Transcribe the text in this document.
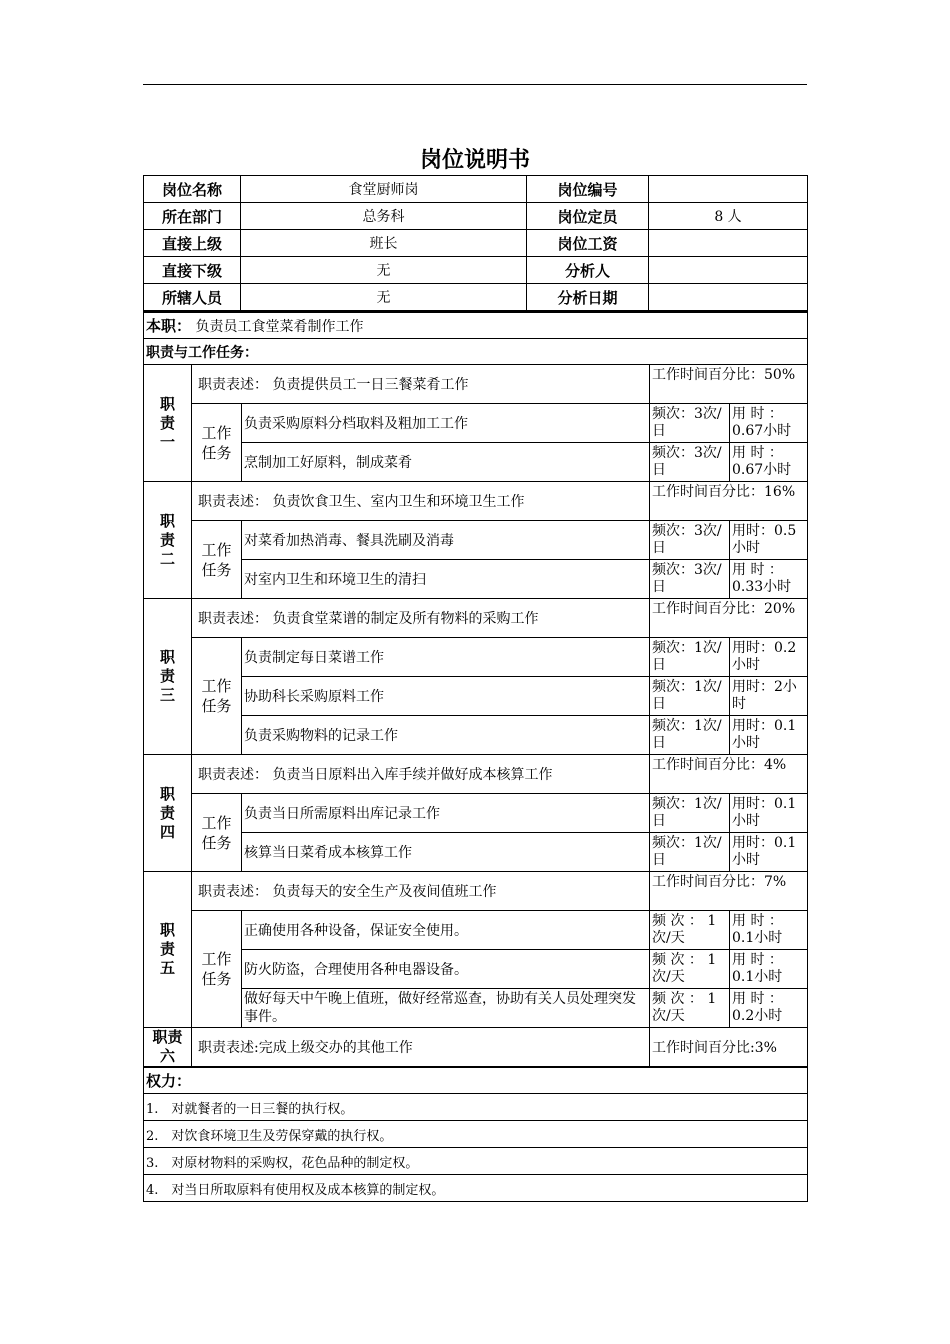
岗位说明书
岗位名称	食堂厨师岗	岗位编号	
所在部门	总务科	岗位定员	8 人
直接上级	班长	岗位工资	
直接下级	无	分析人	
所辖人员	无	分析日期	
本职： 负责员工食堂菜肴制作工作				
职责与工作任务：				

职责一	职责表述： 负责提供员工一日三餐菜肴工作		工作时间百分比：50%	

	工作任务	负责采购原料分档取料及粗加工工作	频次：3次/日	用 时 ：0.67小时
		烹制加工好原料，制成菜肴	频次：3次/日	用 时 ：0.67小时

职责二	职责表述： 负责饮食卫生、室内卫生和环境卫生工作		工作时间百分比：16%	

	工作任务	对菜肴加热消毒、餐具洗刷及消毒	频次：3次/日	用时：0.5小时
		对室内卫生和环境卫生的清扫	频次：3次/日	用 时 ：0.33小时

职责三	职责表述： 负责食堂菜谱的制定及所有物料的采购工作		工作时间百分比：20%	

	工作任务	负责制定每日菜谱工作	频次：1次/日	用时：0.2小时
		协助科长采购原料工作	频次：1次/日	用时：2小时
		负责采购物料的记录工作	频次：1次/日	用时：0.1小时

职责四	职责表述： 负责当日原料出入库手续并做好成本核算工作		工作时间百分比：4%	

	工作任务	负责当日所需原料出库记录工作	频次：1次/日	用时：0.1小时
		核算当日菜肴成本核算工作	频次：1次/日	用时：0.1小时

职责五	职责表述： 负责每天的安全生产及夜间值班工作		工作时间百分比：7%	

	工作任务	正确使用各种设备，保证安全使用。	频 次 ： 1次/天	用 时 ：0.1小时
		防火防盗，合理使用各种电器设备。	频 次 ： 1次/天	用 时 ：0.1小时
		做好每天中午晚上值班，做好经常巡查，协助有关人员处理突发事件。	频 次 ： 1次/天	用 时 ：0.2小时

职责六	职责表述:完成上级交办的其他工作		工作时间百分比:3%	
权力：				
1.　对就餐者的一日三餐的执行权。				
2.　对饮食环境卫生及劳保穿戴的执行权。				
3.　对原材物料的采购权，花色品种的制定权。				
4.　对当日所取原料有使用权及成本核算的制定权。				
